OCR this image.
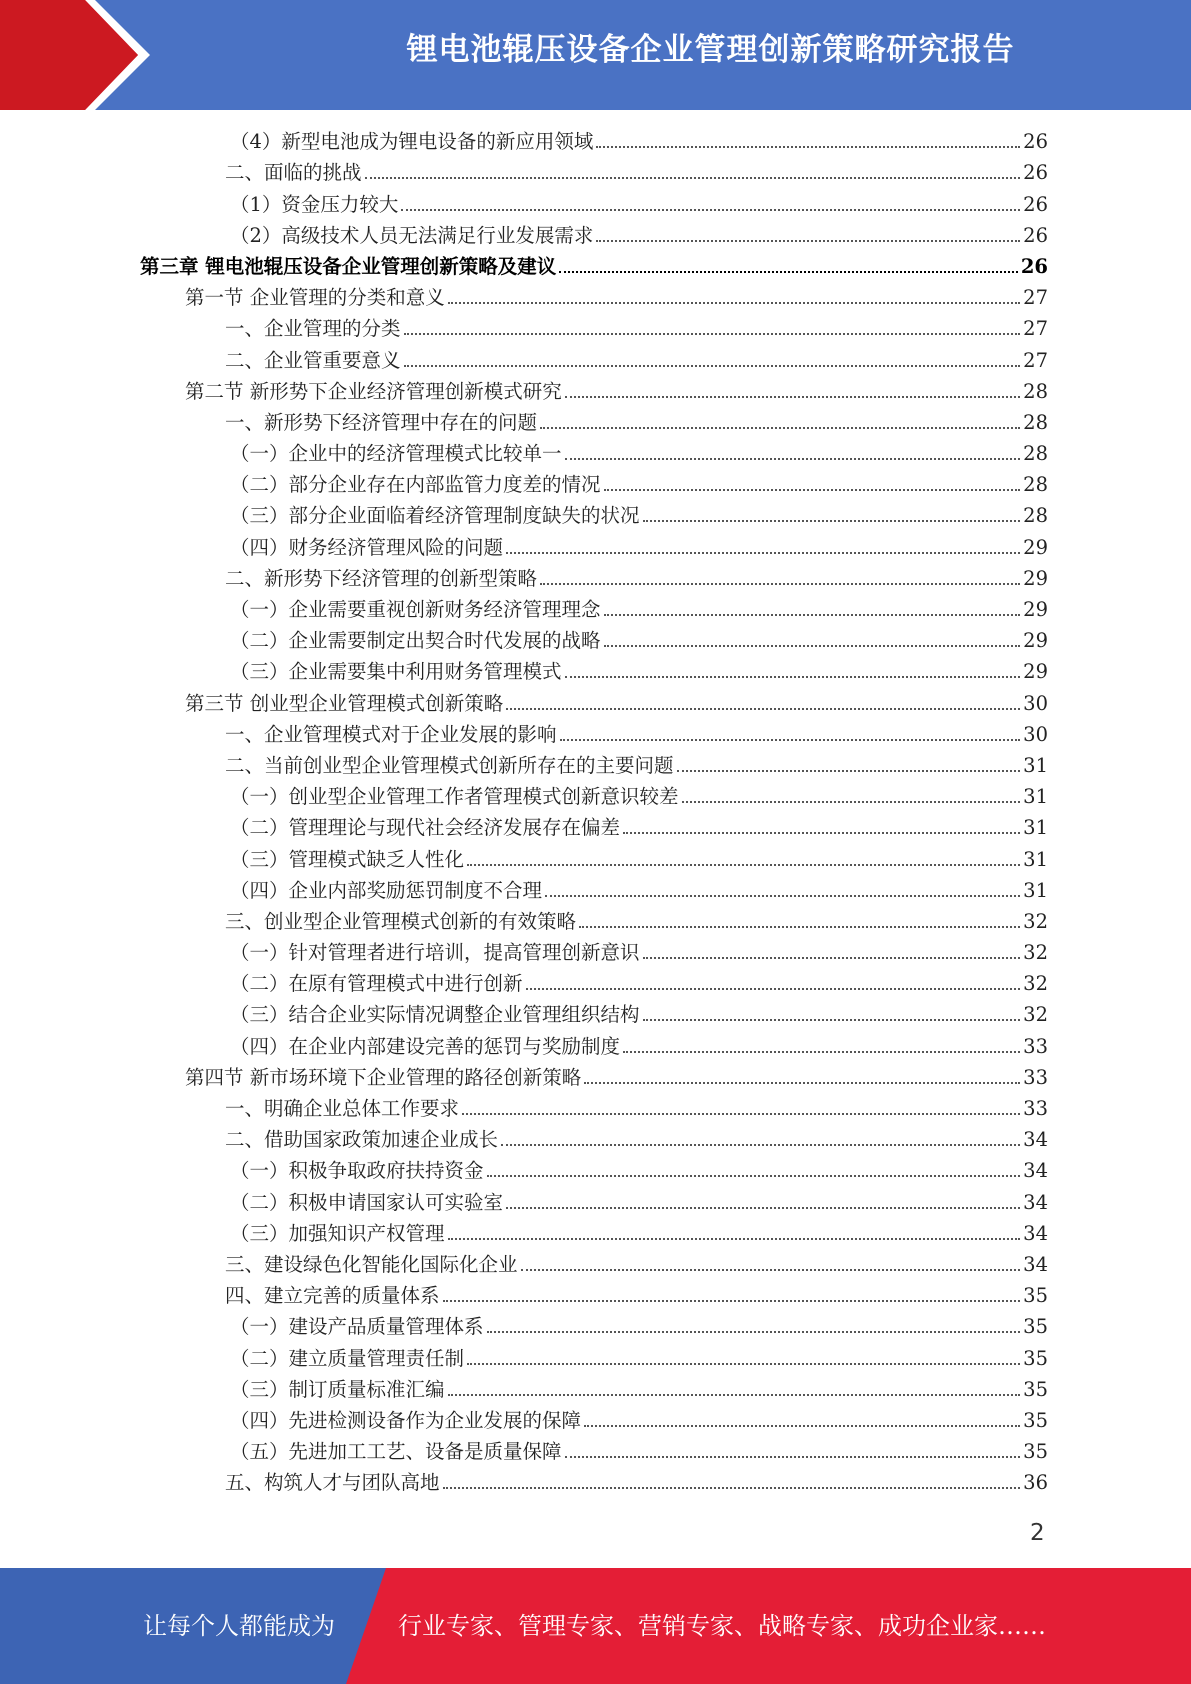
锂电池辊压设备企业管理创新策略研究报告
（4）新型电池成为锂电设备的新应用领域	26
二、面临的挑战	26
（1）资金压力较大	26
（2）高级技术人员无法满足行业发展需求	26
第三章 锂电池辊压设备企业管理创新策略及建议	26
第一节 企业管理的分类和意义	27
一、企业管理的分类	27
二、企业管重要意义	27
第二节 新形势下企业经济管理创新模式研究	28
一、新形势下经济管理中存在的问题	28
（一）企业中的经济管理模式比较单一	28
（二）部分企业存在内部监管力度差的情况	28
（三）部分企业面临着经济管理制度缺失的状况	28
（四）财务经济管理风险的问题	29
二、新形势下经济管理的创新型策略	29
（一）企业需要重视创新财务经济管理理念	29
（二）企业需要制定出契合时代发展的战略	29
（三）企业需要集中利用财务管理模式	29
第三节 创业型企业管理模式创新策略	30
一、企业管理模式对于企业发展的影响	30
二、当前创业型企业管理模式创新所存在的主要问题	31
（一）创业型企业管理工作者管理模式创新意识较差	31
（二）管理理论与现代社会经济发展存在偏差	31
（三）管理模式缺乏人性化	31
（四）企业内部奖励惩罚制度不合理	31
三、创业型企业管理模式创新的有效策略	32
（一）针对管理者进行培训，提高管理创新意识	32
（二）在原有管理模式中进行创新	32
（三）结合企业实际情况调整企业管理组织结构	32
（四）在企业内部建设完善的惩罚与奖励制度	33
第四节 新市场环境下企业管理的路径创新策略	33
一、明确企业总体工作要求	33
二、借助国家政策加速企业成长	34
（一）积极争取政府扶持资金	34
（二）积极申请国家认可实验室	34
（三）加强知识产权管理	34
三、建设绿色化智能化国际化企业	34
四、建立完善的质量体系	35
（一）建设产品质量管理体系	35
（二）建立质量管理责任制	35
（三）制订质量标准汇编	35
（四）先进检测设备作为企业发展的保障	35
（五）先进加工工艺、设备是质量保障	35
五、构筑人才与团队高地	36
2
让每个人都能成为	行业专家、管理专家、营销专家、战略专家、成功企业家……
